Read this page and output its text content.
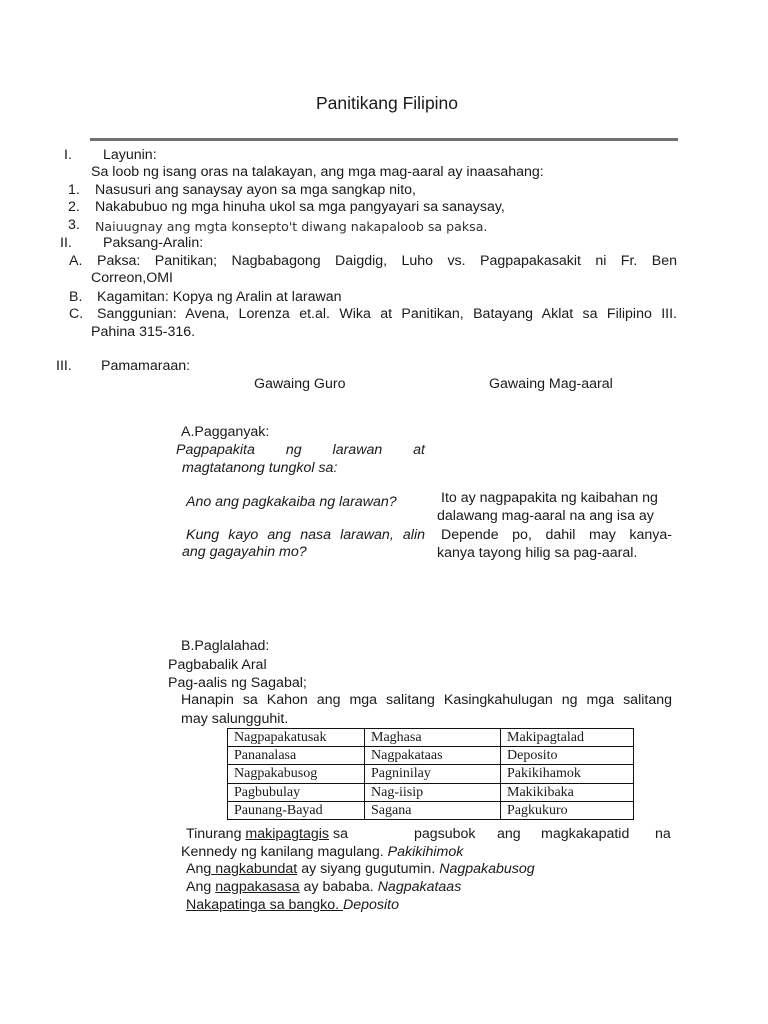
Panitikang Filipino
I. Layunin:
Sa loob ng isang oras na talakayan, ang mga mag-aaral ay inaasahang:
1. Nasusuri ang sanaysay ayon sa mga sangkap nito,
2. Nakabubuo ng mga hinuha ukol sa mga pangyayari sa sanaysay,
3. Naiuugnay ang mgta konsepto't diwang nakapaloob sa paksa.
II. Paksang-Aralin:
A. Paksa: Panitikan; Nagbabagong Daigdig, Luho vs. Pagpapakasakit ni Fr. Ben
Correon,OMI
B. Kagamitan: Kopya ng Aralin at larawan
C. Sanggunian: Avena, Lorenza et.al. Wika at Panitikan, Batayang Aklat sa Filipino III.
Pahina 315-316.
III. Pamamaraan:
Gawaing Guro	Gawaing Mag-aaral
A.Pagganyak:
Pagpapakita ng larawan at
magtatanong tungkol sa:
Ano ang pagkakaiba ng larawan?
Kung kayo ang nasa larawan, alin
ang gagayahin mo?
Ito ay nagpapakita ng kaibahan ng
dalawang mag-aaral na ang isa ay
Depende po, dahil may kanya-
kanya tayong hilig sa pag-aaral.
B.Paglalahad:
Pagbabalik Aral
Pag-aalis ng Sagabal;
Hanapin sa Kahon ang mga salitang Kasingkahulugan ng mga salitang
may salungguhit.
Nagpapakatusak	Maghasa	Makipagtalad
Pananalasa	Nagpakataas	Deposito
Nagpakabusog	Pagninilay	Pakikihamok
Pagbubulay	Nag-iisip	Makikibaka
Paunang-Bayad	Sagana	Pagkukuro
Tinurang makipagtagis sa	pagsubok ang magkakapatid na
Kennedy ng kanilang magulang. Pakikihimok
Ang nagkabundat ay siyang gugutumin. Nagpakabusog
Ang nagpakasasa ay bababa. Nagpakataas
Nakapatinga sa bangko. Deposito
